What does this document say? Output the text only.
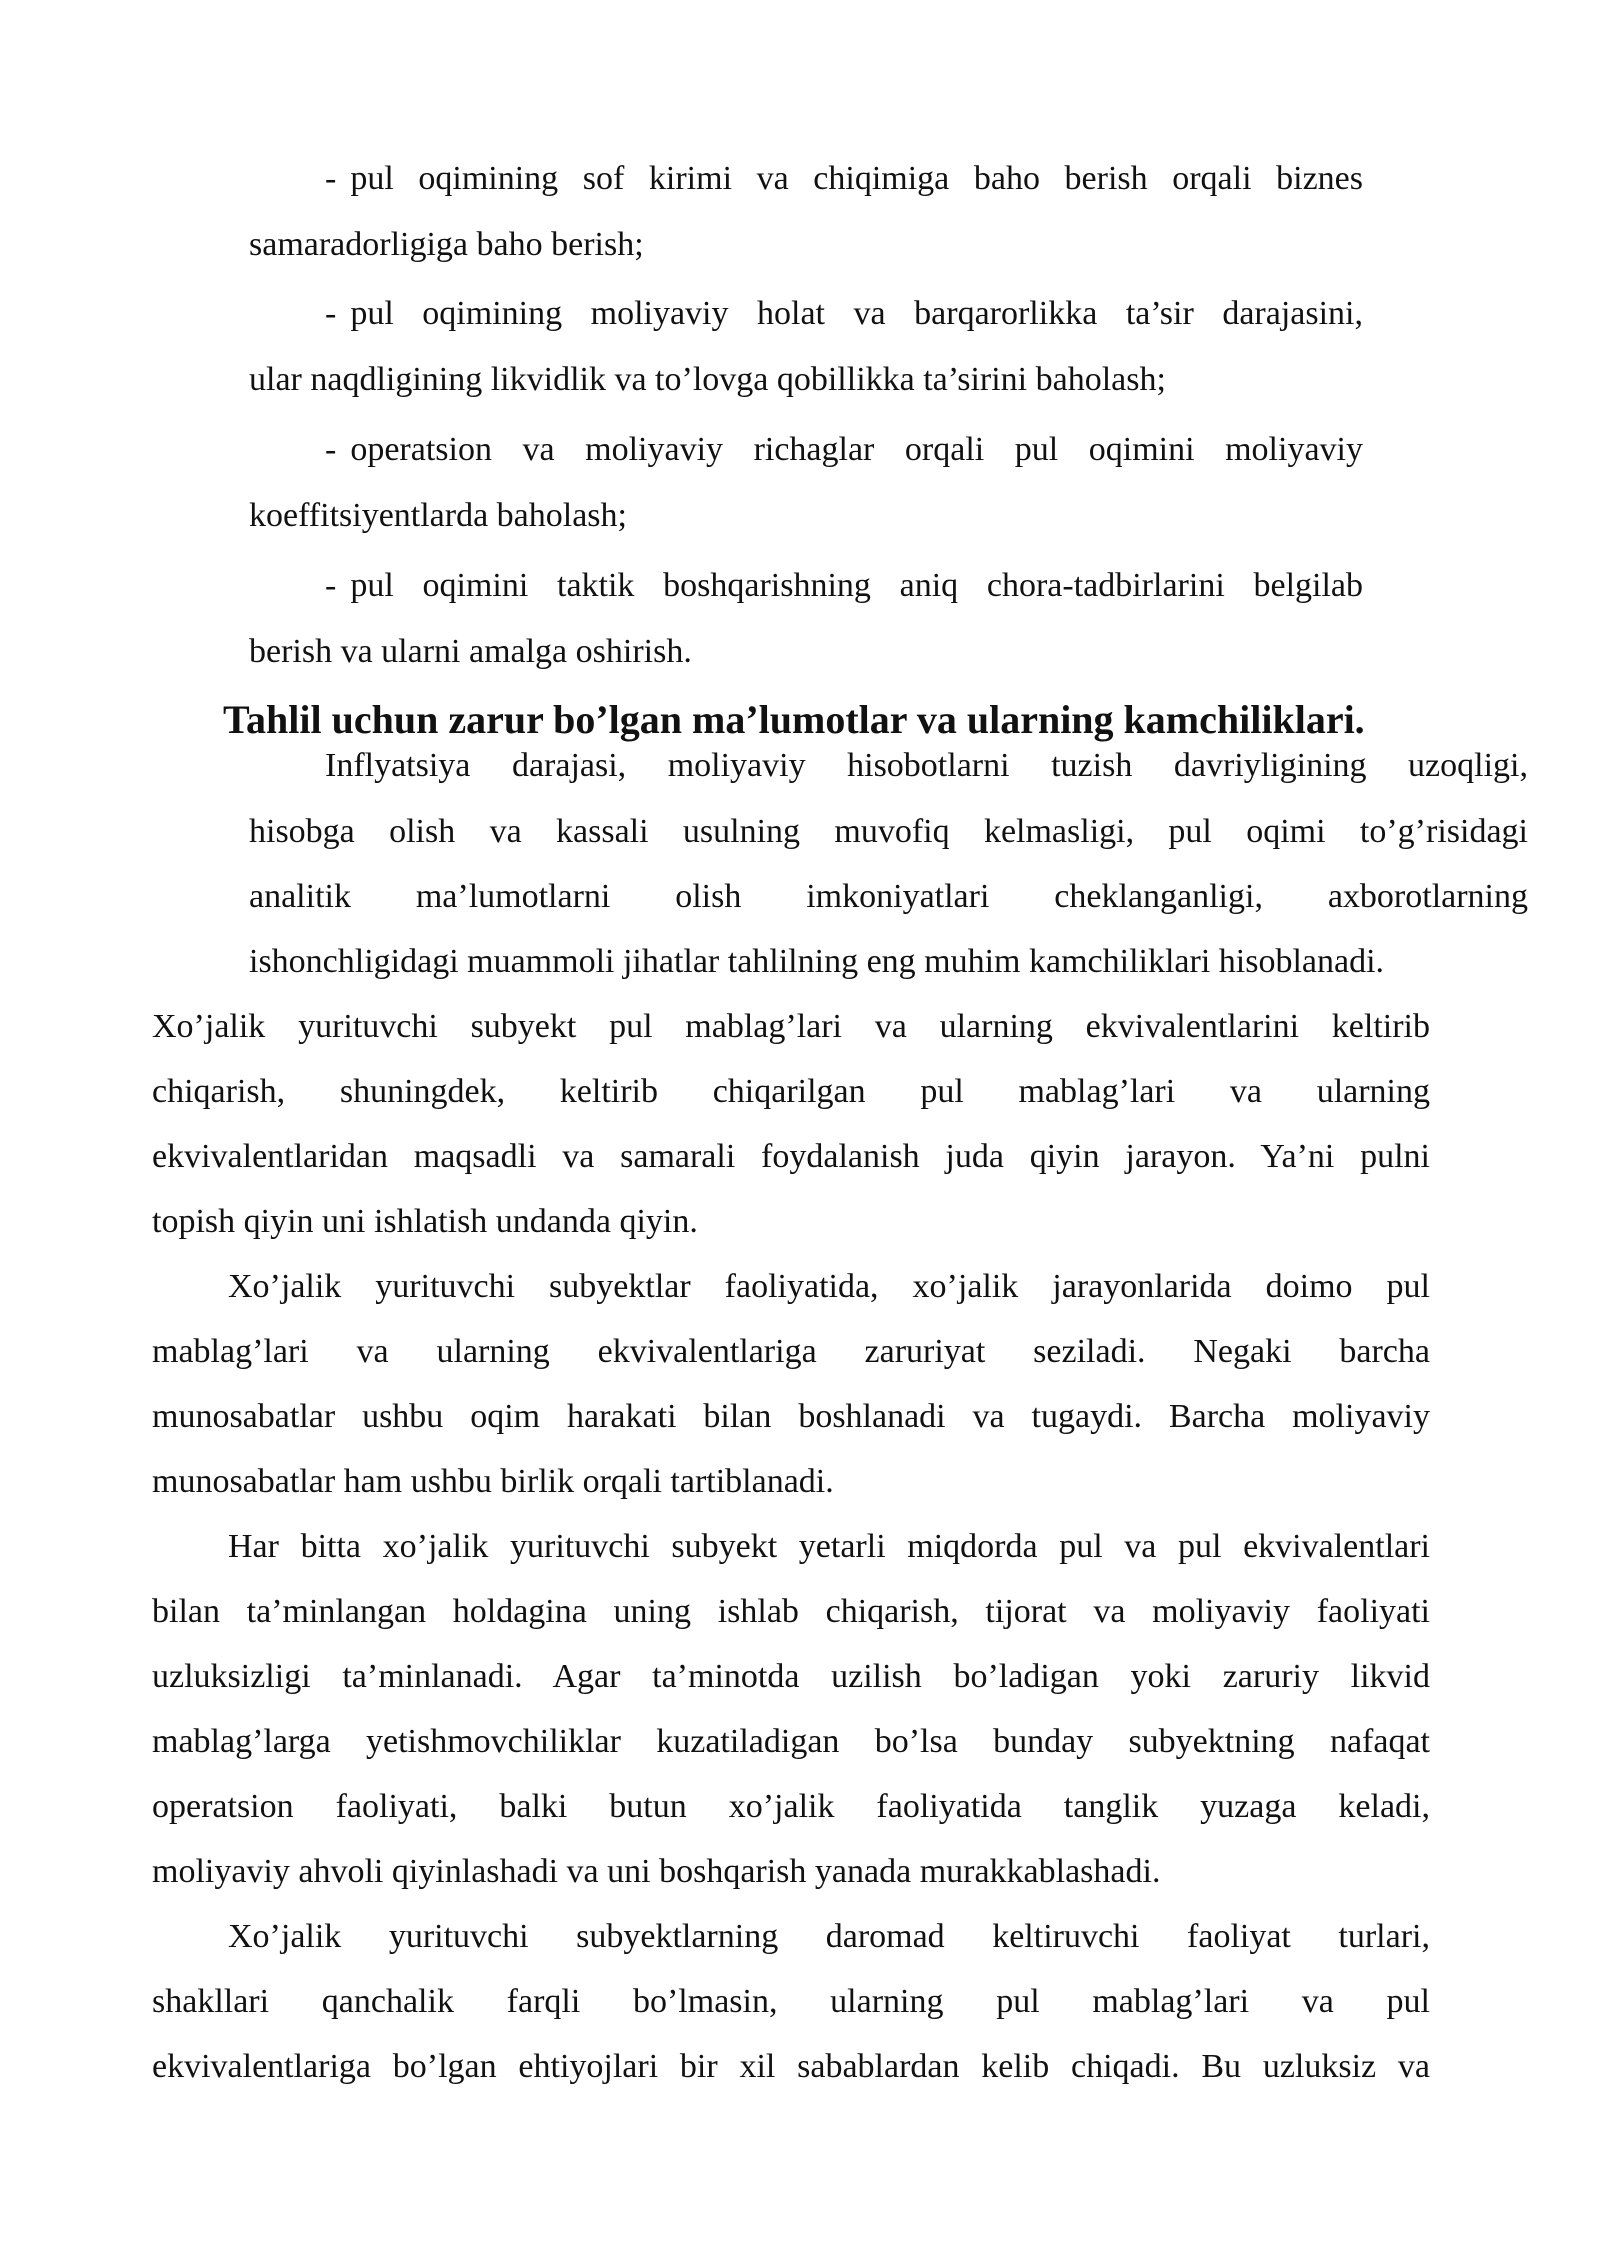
- pul oqimining sof kirimi va chiqimiga baho berish orqali biznes

samaradorligiga baho berish;

- pul oqimining moliyaviy holat va barqarorlikka ta’sir darajasini,

ular naqdligining likvidlik va to’lovga qobillikka ta’sirini baholash;

- operatsion va moliyaviy richaglar orqali pul oqimini moliyaviy

koeffitsiyentlarda baholash;

- pul oqimini taktik boshqarishning aniq chora-tadbirlarini belgilab

berish va ularni amalga oshirish.

Tahlil uchun zarur bo’lgan ma’lumotlar va ularning kamchiliklari.

Inflyatsiya darajasi, moliyaviy hisobotlarni tuzish davriyligining uzoqligi,

hisobga olish va kassali usulning muvofiq kelmasligi, pul oqimi to’g’risidagi

analitik ma’lumotlarni olish imkoniyatlari cheklanganligi, axborotlarning

ishonchligidagi muammoli jihatlar tahlilning eng muhim kamchiliklari hisoblanadi.

Xo’jalik yurituvchi subyekt pul mablag’lari va ularning ekvivalentlarini keltirib

chiqarish, shuningdek, keltirib chiqarilgan pul mablag’lari va ularning

ekvivalentlaridan maqsadli va samarali foydalanish juda qiyin jarayon. Ya’ni pulni

topish qiyin uni ishlatish undanda qiyin.

Xo’jalik yurituvchi subyektlar faoliyatida, xo’jalik jarayonlarida doimo pul

mablag’lari va ularning ekvivalentlariga zaruriyat seziladi. Negaki barcha

munosabatlar ushbu oqim harakati bilan boshlanadi va tugaydi. Barcha moliyaviy

munosabatlar ham ushbu birlik orqali tartiblanadi.

Har bitta xo’jalik yurituvchi subyekt yetarli miqdorda pul va pul ekvivalentlari

bilan ta’minlangan holdagina uning ishlab chiqarish, tijorat va moliyaviy faoliyati

uzluksizligi ta’minlanadi. Agar ta’minotda uzilish bo’ladigan yoki zaruriy likvid

mablag’larga yetishmovchiliklar kuzatiladigan bo’lsa bunday subyektning nafaqat

operatsion faoliyati, balki butun xo’jalik faoliyatida tanglik yuzaga keladi,

moliyaviy ahvoli qiyinlashadi va uni boshqarish yanada murakkablashadi.

Xo’jalik yurituvchi subyektlarning daromad keltiruvchi faoliyat turlari,

shakllari qanchalik farqli bo’lmasin, ularning pul mablag’lari va pul

ekvivalentlariga bo’lgan ehtiyojlari bir xil sabablardan kelib chiqadi. Bu uzluksiz va
